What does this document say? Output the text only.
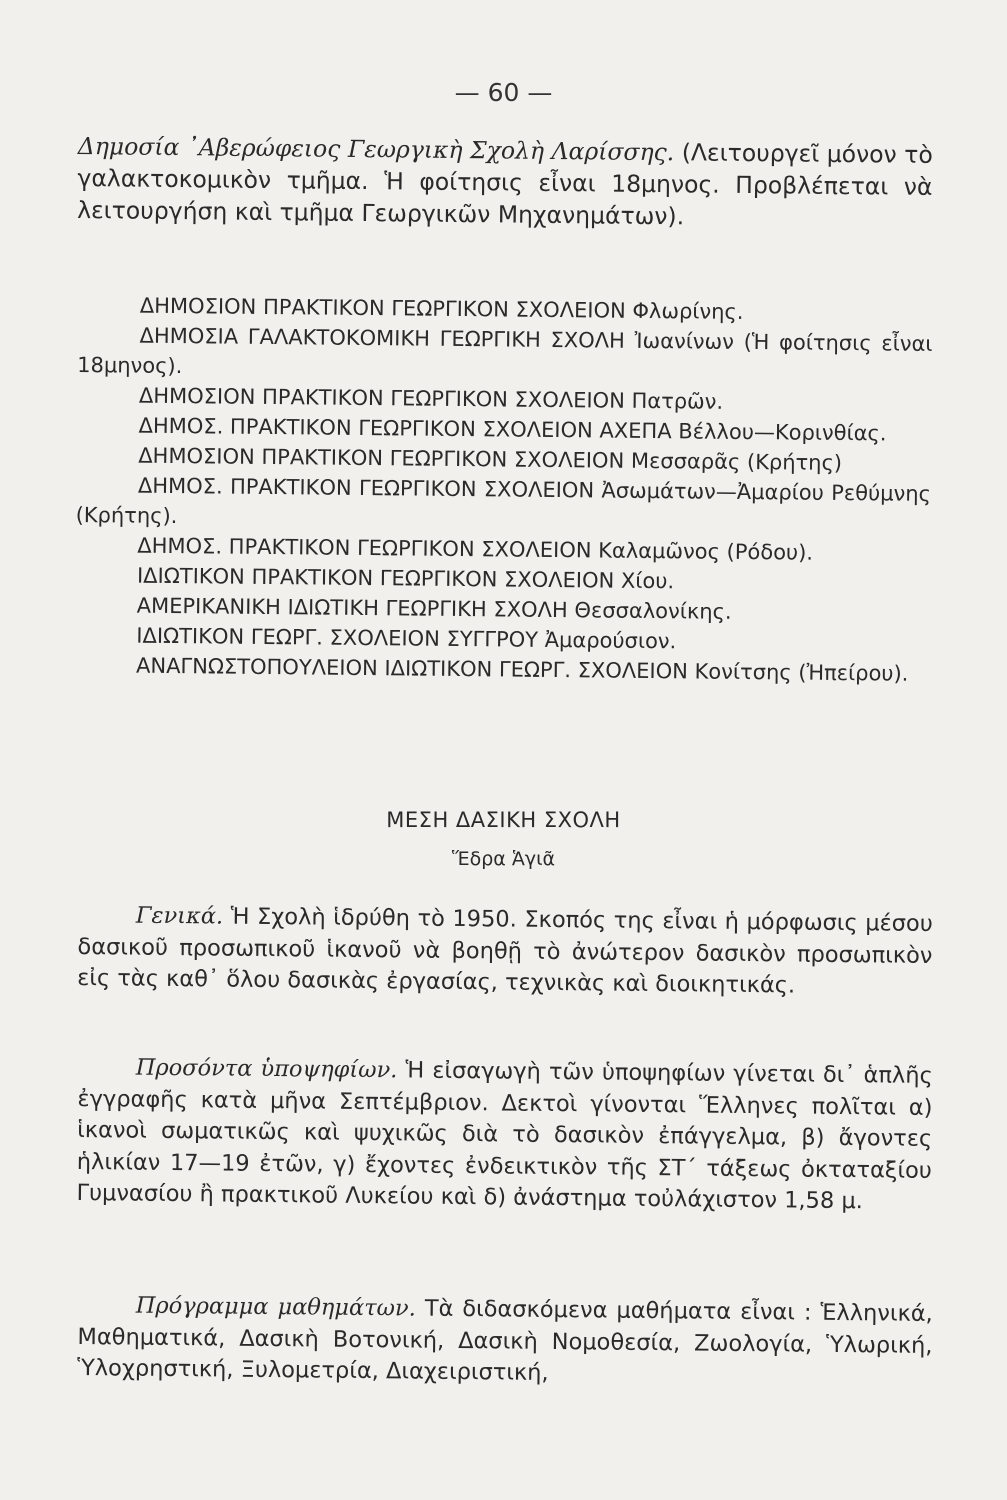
— 60 —

Δημοσία ᾿Αβερώφειος Γεωργικὴ Σχολὴ Λαρίσσης. (Λειτουργεῖ μόνον τὸ γαλακτοκομικὸν τμῆμα. Ἡ φοίτησις εἶναι 18μηνος. Προβλέπεται νὰ λειτουργήση καὶ τμῆμα Γεωργικῶν Μηχανημάτων).

ΔΗΜΟΣΙΟΝ ΠΡΑΚΤΙΚΟΝ ΓΕΩΡΓΙΚΟΝ ΣΧΟΛΕΙΟΝ Φλωρίνης.

ΔΗΜΟΣΙΑ ΓΑΛΑΚΤΟΚΟΜΙΚΗ ΓΕΩΡΓΙΚΗ ΣΧΟΛΗ Ἰωανίνων (Ἡ φοίτησις εἶναι 18μηνος).

ΔΗΜΟΣΙΟΝ ΠΡΑΚΤΙΚΟΝ ΓΕΩΡΓΙΚΟΝ ΣΧΟΛΕΙΟΝ Πατρῶν.

ΔΗΜΟΣ. ΠΡΑΚΤΙΚΟΝ ΓΕΩΡΓΙΚΟΝ ΣΧΟΛΕΙΟΝ ΑΧΕΠΑ Βέλλου—Κορινθίας.

ΔΗΜΟΣΙΟΝ ΠΡΑΚΤΙΚΟΝ ΓΕΩΡΓΙΚΟΝ ΣΧΟΛΕΙΟΝ Μεσσαρᾶς (Κρήτης)

ΔΗΜΟΣ. ΠΡΑΚΤΙΚΟΝ ΓΕΩΡΓΙΚΟΝ ΣΧΟΛΕΙΟΝ Ἀσωμάτων—Ἀμαρίου Ρεθύμνης (Κρήτης).

ΔΗΜΟΣ. ΠΡΑΚΤΙΚΟΝ ΓΕΩΡΓΙΚΟΝ ΣΧΟΛΕΙΟΝ Καλαμῶνος (Ρόδου).

ΙΔΙΩΤΙΚΟΝ ΠΡΑΚΤΙΚΟΝ ΓΕΩΡΓΙΚΟΝ ΣΧΟΛΕΙΟΝ Χίου.

ΑΜΕΡΙΚΑΝΙΚΗ ΙΔΙΩΤΙΚΗ ΓΕΩΡΓΙΚΗ ΣΧΟΛΗ Θεσσαλονίκης.

ΙΔΙΩΤΙΚΟΝ ΓΕΩΡΓ. ΣΧΟΛΕΙΟΝ ΣΥΓΓΡΟΥ Ἀμαρούσιον.

ΑΝΑΓΝΩΣΤΟΠΟΥΛΕΙΟΝ ΙΔΙΩΤΙΚΟΝ ΓΕΩΡΓ. ΣΧΟΛΕΙΟΝ Κονίτσης (Ἠπείρου).

ΜΕΣΗ ΔΑΣΙΚΗ ΣΧΟΛΗ
Ἕδρα Ἁγιᾶ
Γενικά. Ἡ Σχολὴ ἱδρύθη τὸ 1950. Σκοπός της εἶναι ἡ μόρφωσις μέσου δασικοῦ προσωπικοῦ ἱκανοῦ νὰ βοηθῇ τὸ ἀνώτερον δασικὸν προσωπικὸν εἰς τὰς καθ᾿ ὅλου δασικὰς ἐργασίας, τεχνικὰς καὶ διοικητικάς.
Προσόντα ὑποψηφίων. Ἡ εἰσαγωγὴ τῶν ὑποψηφίων γίνεται δι᾿ ἁπλῆς ἐγγραφῆς κατὰ μῆνα Σεπτέμβριον. Δεκτοὶ γίνονται Ἕλληνες πολῖται α) ἱκανοὶ σωματικῶς καὶ ψυχικῶς διὰ τὸ δασικὸν ἐπάγγελμα, β) ἄγοντες ἡλικίαν 17—19 ἐτῶν, γ) ἔχοντες ἐνδεικτικὸν τῆς ΣΤ΄ τάξεως ὀκταταξίου Γυμνασίου ἢ πρακτικοῦ Λυκείου καὶ δ) ἀνάστημα τοὐλάχιστον 1,58 μ.
Πρόγραμμα μαθημάτων. Τὰ διδασκόμενα μαθήματα εἶναι : Ἑλληνικά, Μαθηματικά, Δασικὴ Βοτονική, Δασικὴ Νομοθεσία, Ζωολογία, Ὑλωρική, Ὑλοχρηστική, Ξυλομετρία, Διαχειριστική,
